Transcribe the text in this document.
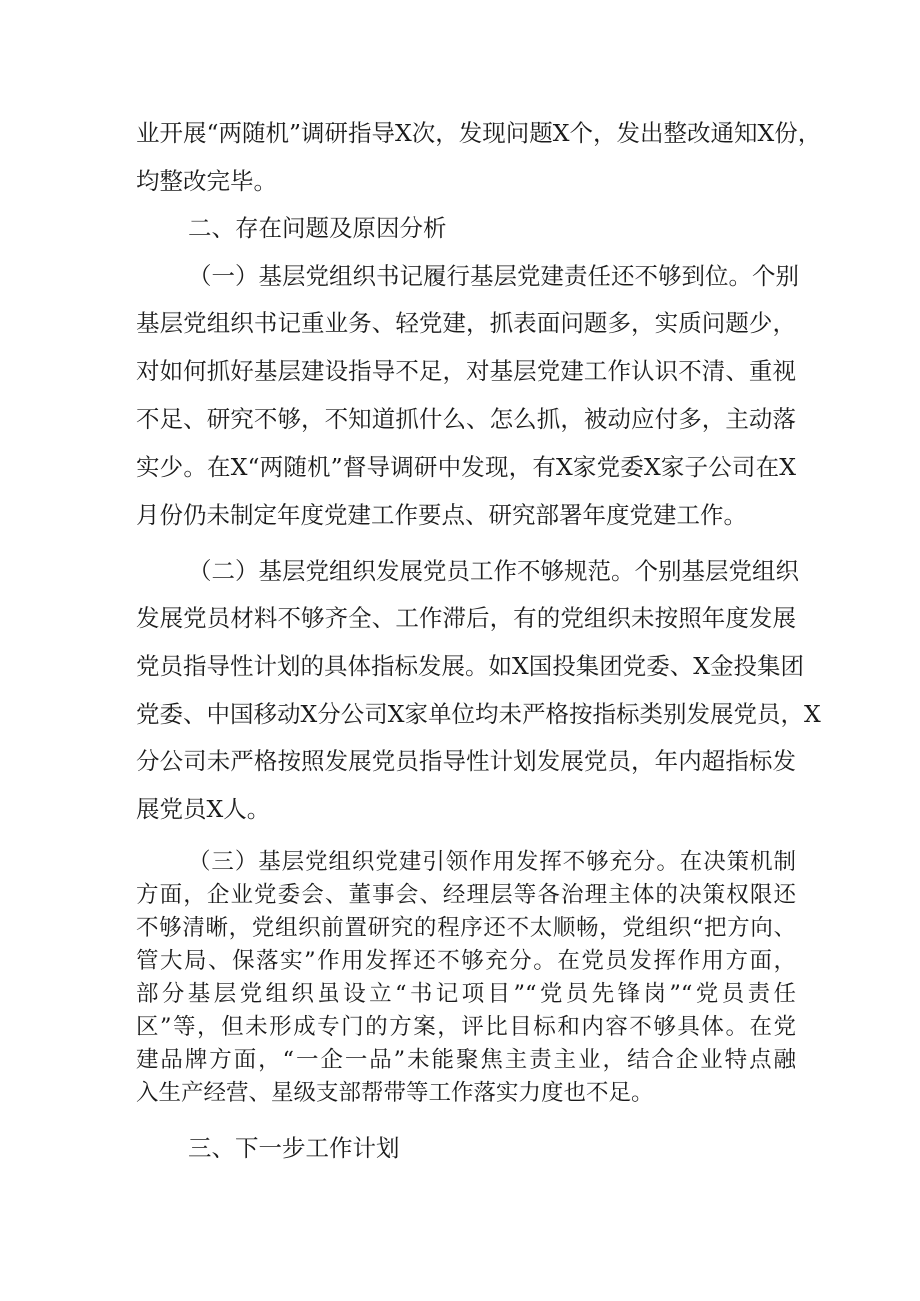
业开展“两随机”调研指导X次，发现问题X个，发出整改通知X份，

均整改完毕。

二、存在问题及原因分析

（一）基层党组织书记履行基层党建责任还不够到位。个别

基层党组织书记重业务、轻党建，抓表面问题多，实质问题少，

对如何抓好基层建设指导不足，对基层党建工作认识不清、重视

不足、研究不够，不知道抓什么、怎么抓，被动应付多，主动落

实少。在X“两随机”督导调研中发现，有X家党委X家子公司在X

月份仍未制定年度党建工作要点、研究部署年度党建工作。

（二）基层党组织发展党员工作不够规范。个别基层党组织

发展党员材料不够齐全、工作滞后，有的党组织未按照年度发展

党员指导性计划的具体指标发展。如X国投集团党委、X金投集团

党委、中国移动X分公司X家单位均未严格按指标类别发展党员，X

分公司未严格按照发展党员指导性计划发展党员，年内超指标发

展党员X人。

（三）基层党组织党建引领作用发挥不够充分。在决策机制

方面，企业党委会、董事会、经理层等各治理主体的决策权限还

不够清晰，党组织前置研究的程序还不太顺畅，党组织“把方向、

管大局、保落实”作用发挥还不够充分。在党员发挥作用方面，

部分基层党组织虽设立“书记项目”“党员先锋岗”“党员责任

区”等，但未形成专门的方案，评比目标和内容不够具体。在党

建品牌方面，“一企一品”未能聚焦主责主业，结合企业特点融

入生产经营、星级支部帮带等工作落实力度也不足。

三、下一步工作计划
